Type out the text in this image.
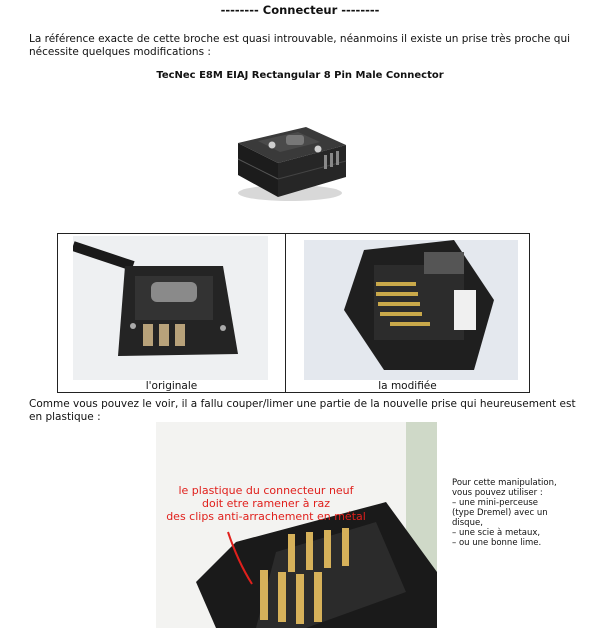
-------- Connecteur --------
La référence exacte de cette broche est quasi introuvable, néanmoins il existe un prise très proche qui
nécessite quelques modifications :
TecNec E8M EIAJ Rectangular 8 Pin Male Connector
l'originale	la modifiée
Comme vous pouvez le voir, il a fallu couper/limer une partie de la nouvelle prise qui heureusement est
en plastique :
le plastique du connecteur neuf
doit etre ramener à raz
des clips anti-arrachement en métal
Pour cette manipulation,
vous pouvez utiliser :
– une mini-perceuse
(type Dremel) avec un
disque,
– une scie à metaux,
– ou une bonne lime.
